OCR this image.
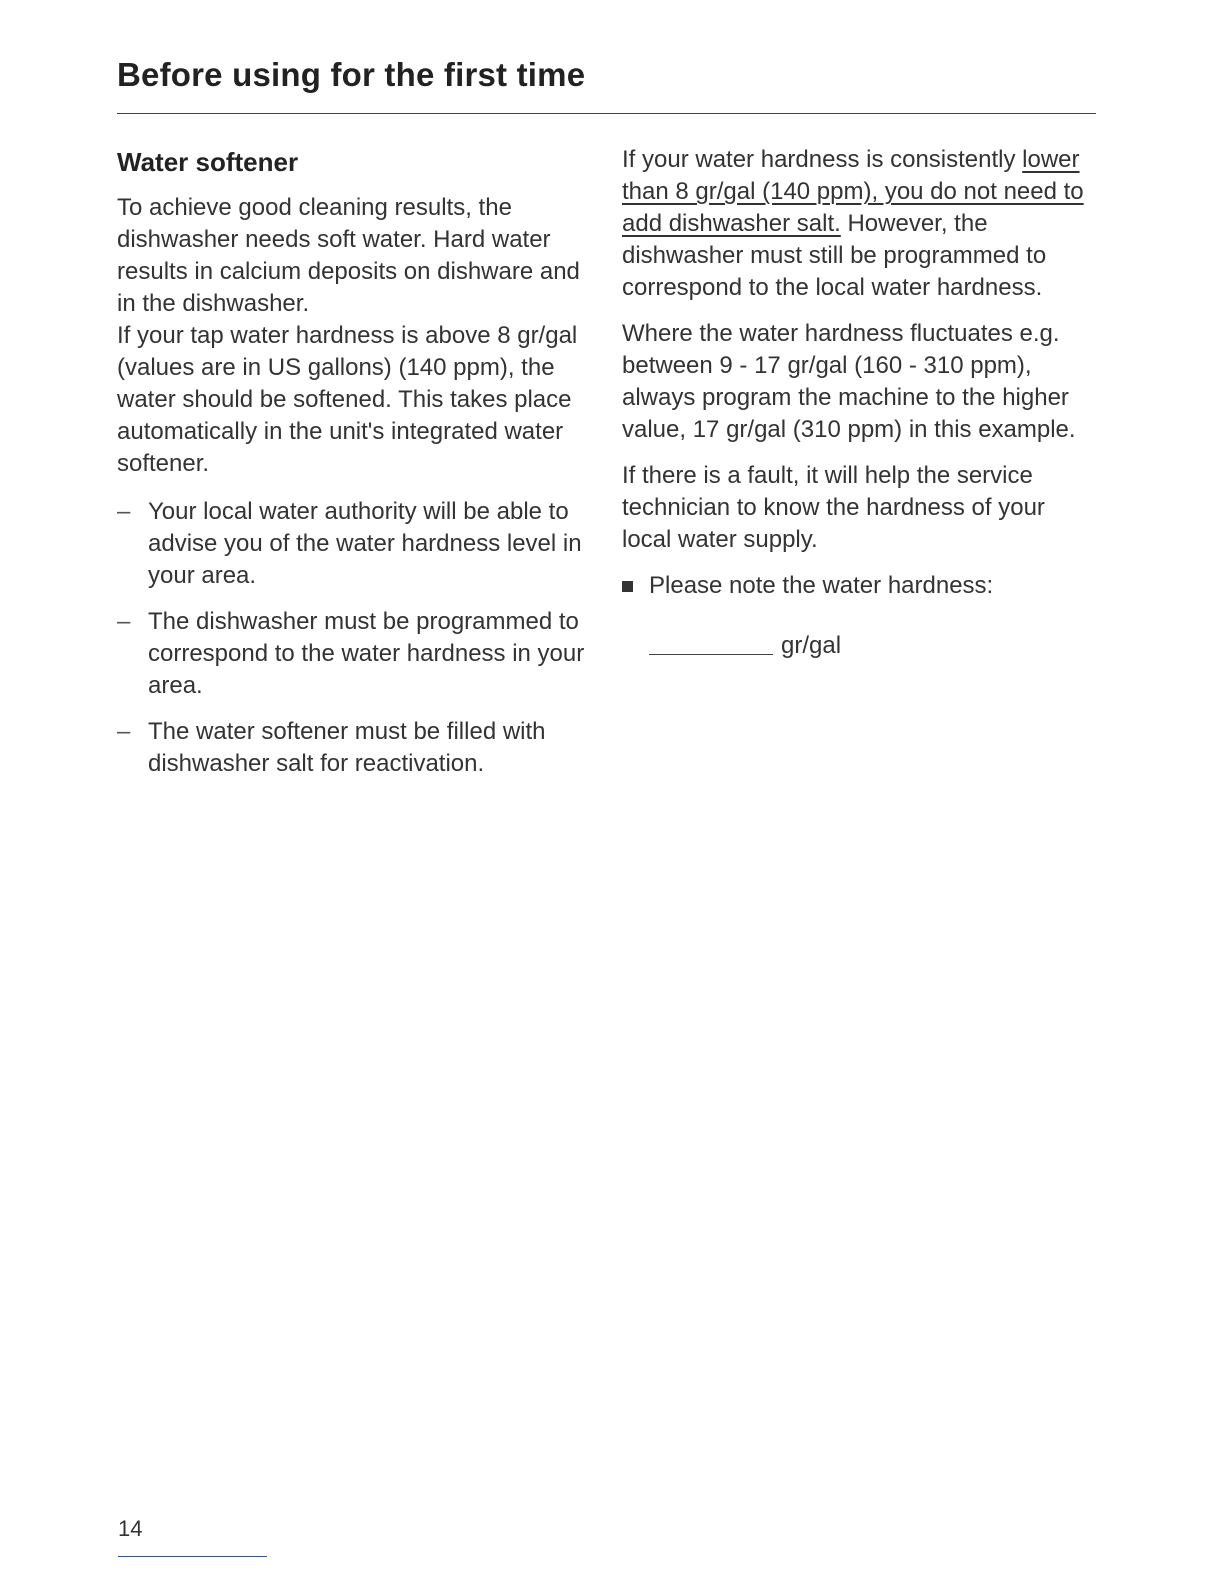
Before using for the first time
Water softener

To achieve good cleaning results, the dishwasher needs soft water. Hard water results in calcium deposits on dishware and in the dishwasher.

If your tap water hardness is above 8 gr/gal (values are in US gallons) (140 ppm), the water should be softened. This takes place automatically in the unit's integrated water softener.

– Your local water authority will be able to advise you of the water hardness level in your area.
– The dishwasher must be programmed to correspond to the water hardness in your area.
– The water softener must be filled with dishwasher salt for reactivation.

If your water hardness is consistently lower than 8 gr/gal (140 ppm), you do not need to add dishwasher salt. However, the dishwasher must still be programmed to correspond to the local water hardness.

Where the water hardness fluctuates e.g. between 9 - 17 gr/gal (160 - 310 ppm), always program the machine to the higher value, 17 gr/gal (310 ppm) in this example.

If there is a fault, it will help the service technician to know the hardness of your local water supply.

Please note the water hardness:
gr/gal
14
